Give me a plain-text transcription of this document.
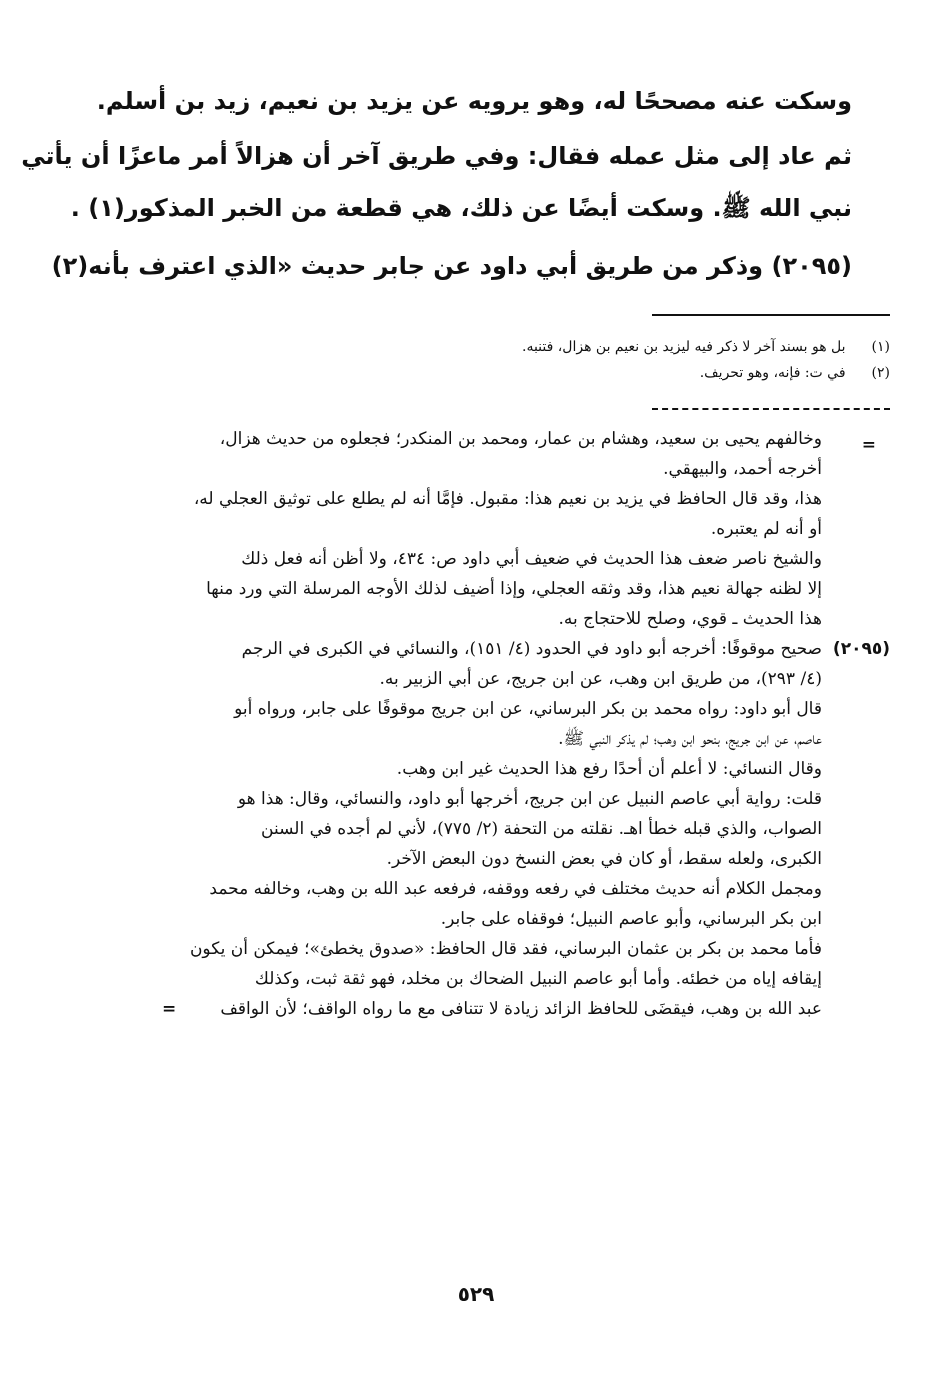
وسكت عنه مصححًا له، وهو يرويه عن يزيد بن نعيم، زيد بن أسلم.
ثم عاد إلى مثل عمله فقال: وفي طريق آخر أن هزالاً أمر ماعزًا أن يأتي
نبي الله ﷺ. وسكت أيضًا عن ذلك، هي قطعة من الخبر المذكور(١) .
(٢٠٩٥) وذكر من طريق أبي داود عن جابر حديث «الذي اعترف بأنه(٢)
(١) بل هو بسند آخر لا ذكر فيه ليزيد بن نعيم بن هزال، فتنبه.
(٢) في ت: فإنه، وهو تحريف.
=
وخالفهم يحيى بن سعيد، وهشام بن عمار، ومحمد بن المنكدر؛ فجعلوه من حديث هزال،
أخرجه أحمد، والبيهقي.
هذا، وقد قال الحافظ في يزيد بن نعيم هذا: مقبول. فإمَّا أنه لم يطلع على توثيق العجلي له،
أو أنه لم يعتبره.
والشيخ ناصر ضعف هذا الحديث في ضعيف أبي داود ص: ٤٣٤، ولا أظن أنه فعل ذلك
إلا لظنه جهالة نعيم هذا، وقد وثقه العجلي، وإذا أضيف لذلك الأوجه المرسلة التي ورد منها
هذا الحديث ـ قوي، وصلح للاحتجاج به.
(٢٠٩٥)
صحيح موقوفًا: أخرجه أبو داود في الحدود (٤/ ١٥١)، والنسائي في الكبرى في الرجم
(٤/ ٢٩٣)، من طريق ابن وهب، عن ابن جريج، عن أبي الزبير به.
قال أبو داود: رواه محمد بن بكر البرساني، عن ابن جريج موقوفًا على جابر، ورواه أبو
عاصم، عن ابن جريج، بنحو ابن وهب؛ لم يذكر النبي ﷺ.
وقال النسائي: لا أعلم أن أحدًا رفع هذا الحديث غير ابن وهب.
قلت: رواية أبي عاصم النبيل عن ابن جريج، أخرجها أبو داود، والنسائي، وقال: هذا هو
الصواب، والذي قبله خطأ اهـ. نقلته من التحفة (٢/ ٧٧٥)، لأني لم أجده في السنن
الكبرى، ولعله سقط، أو كان في بعض النسخ دون البعض الآخر.
ومجمل الكلام أنه حديث مختلف في رفعه ووقفه، فرفعه عبد الله بن وهب، وخالفه محمد
ابن بكر البرساني، وأبو عاصم النبيل؛ فوقفاه على جابر.
فأما محمد بن بكر بن عثمان البرساني، فقد قال الحافظ: «صدوق يخطئ»؛ فيمكن أن يكون
إيقافه إياه من خطئه. وأما أبو عاصم النبيل الضحاك بن مخلد، فهو ثقة ثبت، وكذلك
عبد الله بن وهب، فيقضَى للحافظ الزائد زيادة لا تتنافى مع ما رواه الواقف؛ لأن الواقف
=
٥٢٩
